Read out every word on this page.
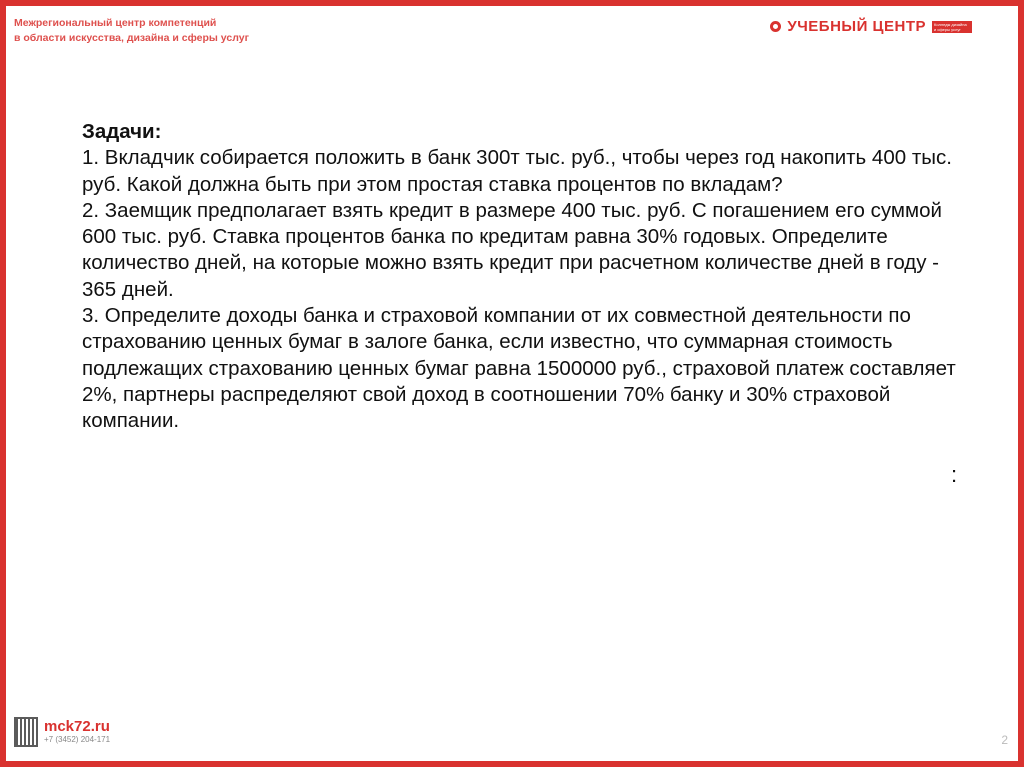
Межрегиональный центр компетенций
в области искусства, дизайна и сферы услуг
УЧЕБНЫЙ ЦЕНТР	Колледж дизайна и сферы услуг

Задачи:

1. Вкладчик собирается положить в банк 300т тыс. руб., чтобы через год накопить 400 тыс. руб. Какой должна быть при этом простая ставка процентов по вкладам?

2. Заемщик предполагает взять кредит в размере 400 тыс. руб. С погашением его суммой 600 тыс. руб. Ставка процентов банка по кредитам равна 30% годовых. Определите количество дней, на которые можно взять кредит при расчетном количестве дней в году - 365 дней.

3. Определите доходы банка и страховой компании от их совместной деятельности по страхованию ценных бумаг в залоге банка, если известно, что суммарная стоимость подлежащих страхованию ценных бумаг равна 1500000 руб., страховой платеж составляет 2%, партнеры распределяют свой доход в соотношении 70% банку и 30% страховой компании.

:
mck72.ru
+7 (3452) 204-171	2
